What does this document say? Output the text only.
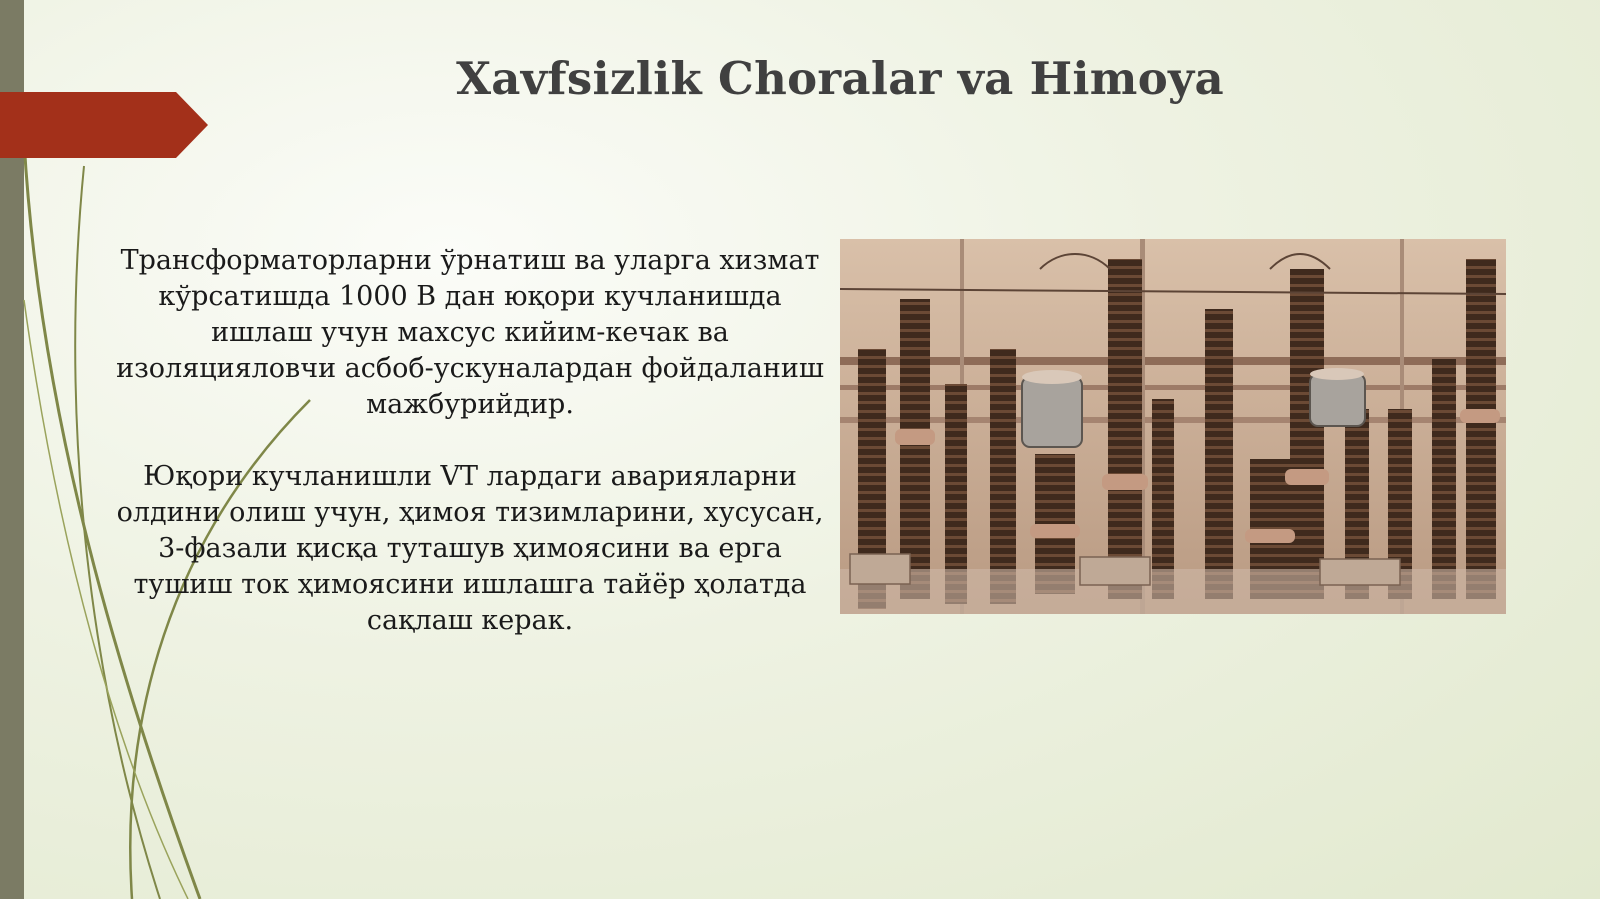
Xavfsizlik Choralar va Himoya

Трансформаторларни ўрнатиш ва уларга хизмат кўрсатишда 1000 В дан юқори кучланишда ишлаш учун махсус кийим-кечак ва изоляцияловчи асбоб-ускуналардан фойдаланиш мажбурийдир.

Юқори кучланишли VT лардаги аварияларни олдини олиш учун, ҳимоя тизимларини, хусусан, 3-фазали қисқа туташув ҳимоясини ва ерга тушиш ток ҳимоясини ишлашга тайёр ҳолатда сақлаш керак.
